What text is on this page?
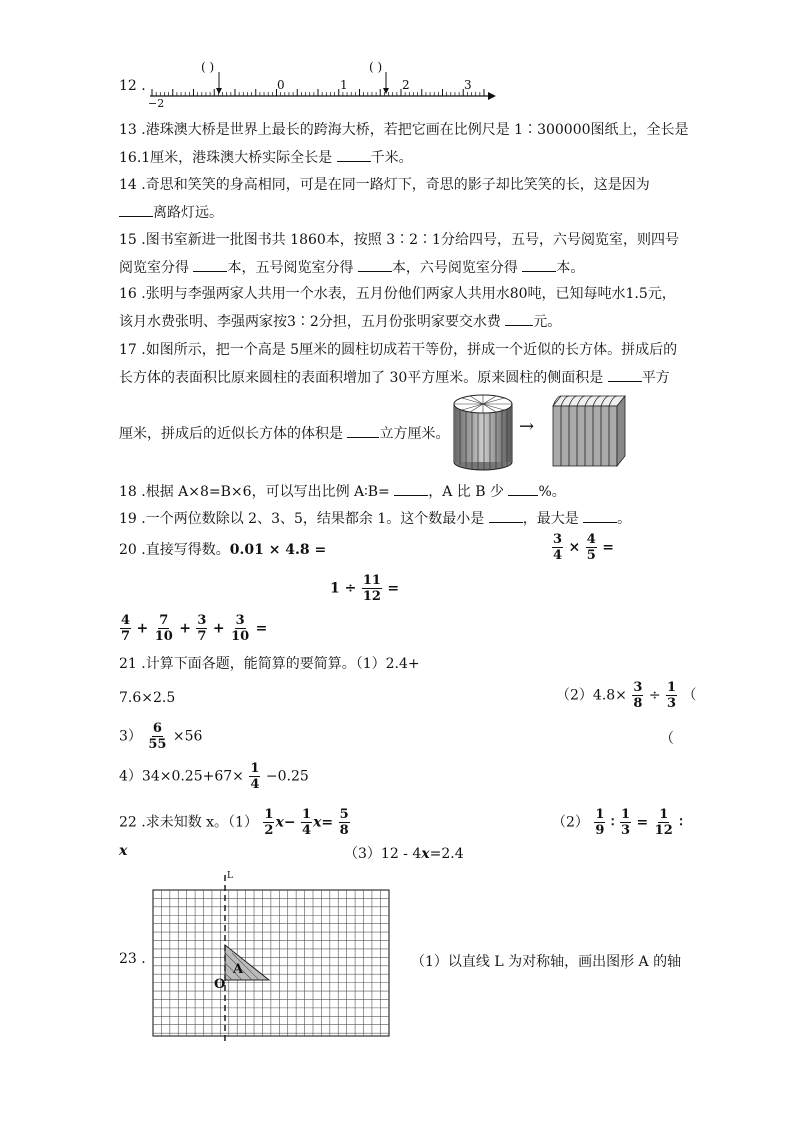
12 .
( )	( )
−2
0	1	2	3
13 .港珠澳大桥是世界上最长的跨海大桥，若把它画在比例尺是 1∶300000图纸上，全长是
16.1厘米，港珠澳大桥实际全长是 千米。
14 .奇思和笑笑的身高相同，可是在同一路灯下，奇思的影子却比笑笑的长，这是因为
离路灯远。
15 .图书室新进一批图书共 1860本，按照 3∶2∶1分给四号，五号，六号阅览室，则四号
阅览室分得 本，五号阅览室分得 本，六号阅览室分得 本。
16 .张明与李强两家人共用一个水表，五月份他们两家人共用水80吨，已知每吨水1.5元，
该月水费张明、李强两家按3∶2分担，五月份张明家要交水费 元。
17 .如图所示，把一个高是 5厘米的圆柱切成若干等份，拼成一个近似的长方体。拼成后的
长方体的表面积比原来圆柱的表面积增加了 30平方厘米。原来圆柱的侧面积是 平方
厘米，拼成后的近似长方体的体积是 立方厘米。	→
18 .根据 A×8=B×6，可以写出比例 A∶B= ，A 比 B 少 %。
19 .一个两位数除以 2、3、5，结果都余 1。这个数最小是 ，最大是 。
20 .直接写得数。0.01 × 4.8 =	$\frac{3}{4} \times \frac{4}{5}$ =
$1 \div \frac{11}{12}$ =
$\frac{4}{7} + \frac{7}{10} + \frac{3}{7} + \frac{3}{10}$ =
21 .计算下面各题，能简算的要简算。（1）2.4+
7.6×2.5	$(2)4.8\times \frac{3}{8} \div \frac{1}{3}$ （
$3) \frac{6}{55} \times 56$	（
$4)34\times 0.25+67\times \frac{1}{4} -0.25$
22 .求未知数 x。$(1) \frac{1}{2} x- \frac{1}{4} x= \frac{5}{8}$	$(2) \frac{1}{9}$ ∶ $\frac{1}{3} = \frac{1}{12}$ ∶
x	（3）12 - 4x=2.4
23 .	（1）以直线 L 为对称轴，画出图形 A 的轴
L
O
A
